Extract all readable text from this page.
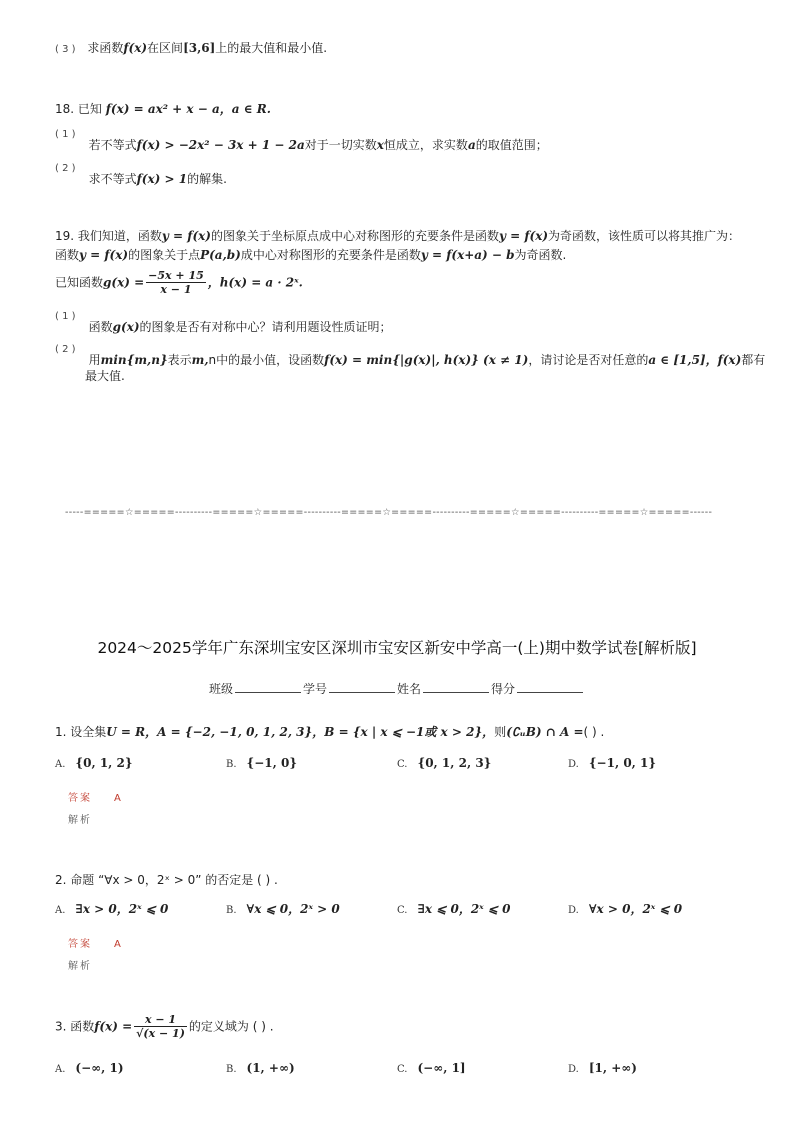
( 3 ) 求函数f(x)在区间[3,6]上的最大值和最小值.
18. 已知 f(x) = ax² + x − a，a ∈ R.
$^{( 1 )}$ $_{若不等式f(x) > -2x^2 - 3x + 1 - 2a对于一切实数x恒成立,求实数a的取值范围;}$
$^{( 2 )}$ $_{求不等式f(x) > 1的解集.}$
19. 我们知道，函数y = f(x)的图象关于坐标原点成中心对称图形的充要条件是函数y = f(x)为奇函数，该性质可以将其推广为：
函数y = f(x)的图象关于点P(a,b)成中心对称图形的充要条件是函数y = f(x+a) − b为奇函数.
已知函数$g(x) = \frac{-5x + 15}{x - 1}$ ，h(x) = a · 2ˣ.
$^{( 1 )}$ $_{函数g(x)的图象是否有对称中心?请利用题设性质证明;}$
$^{( 2 )}$ $_{用min\{m,n\}表示m,n中的最小值,设函数f(x) = min\{|g(x)|, h(x)\} (x \ne 1),请讨论是否对任意的a \in [1,5],f(x)都有}$
最大值.
-----=====☆=====----------=====☆=====----------=====☆=====----------=====☆=====----------=====☆=====------
2024～2025学年广东深圳宝安区深圳市宝安区新安中学高一(上)期中数学试卷[解析版]
班级	学号	姓名	得分
1. 设全集U = R，A = {−2, −1, 0, 1, 2, 3}，B = {x | x ⩽ −1或 x > 2}，则(∁ᵤB) ∩ A =( ) .
A. {0, 1, 2}	B. {−1, 0}	C. {0, 1, 2, 3}	D. {−1, 0, 1}
答案 A
解析
2. 命题 “∀x > 0，2ˣ > 0” 的否定是 ( ) .
A. ∃x > 0，2ˣ ⩽ 0	B. ∀x ⩽ 0，2ˣ > 0	C. ∃x ⩽ 0，2ˣ ⩽ 0	D. ∀x > 0，2ˣ ⩽ 0
答案 A
解析
3. 函数$f(x) = \frac{x - 1}{√(x - 1)}$ 的定义域为 ( ) .
A. (−∞, 1)	B. (1, +∞)	C. (−∞, 1]	D. [1, +∞)
